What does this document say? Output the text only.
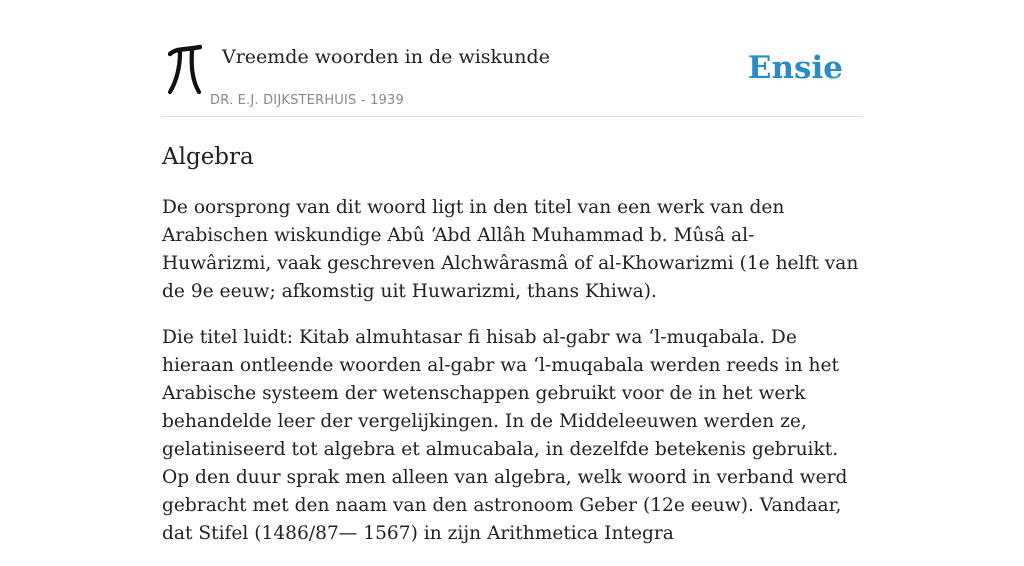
Vreemde woorden in de wiskunde
DR. E.J. DIJKSTERHUIS - 1939
Ensie
Algebra

De oorsprong van dit woord ligt in den titel van een werk van den Arabischen wiskundige Abû ‘Abd Allâh Muhammad b. Mûsâ al-Huwârizmi, vaak geschreven Alchwârasmâ of al-Khowarizmi (1e helft van de 9e eeuw; afkomstig uit Huwarizmi, thans Khiwa).

Die titel luidt: Kitab almuhtasar fi hisab al-gabr wa ‘l-muqabala. De hieraan ontleende woorden al-gabr wa ‘l-muqabala werden reeds in het Arabische systeem der wetenschappen gebruikt voor de in het werk behandelde leer der vergelijkingen. In de Middeleeuwen werden ze, gelatiniseerd tot algebra et almucabala, in dezelfde betekenis gebruikt. Op den duur sprak men alleen van algebra, welk woord in verband werd gebracht met den naam van den astronoom Geber (12e eeuw). Vandaar, dat Stifel (1486/87— 1567) in zijn Arithmetica Integra
